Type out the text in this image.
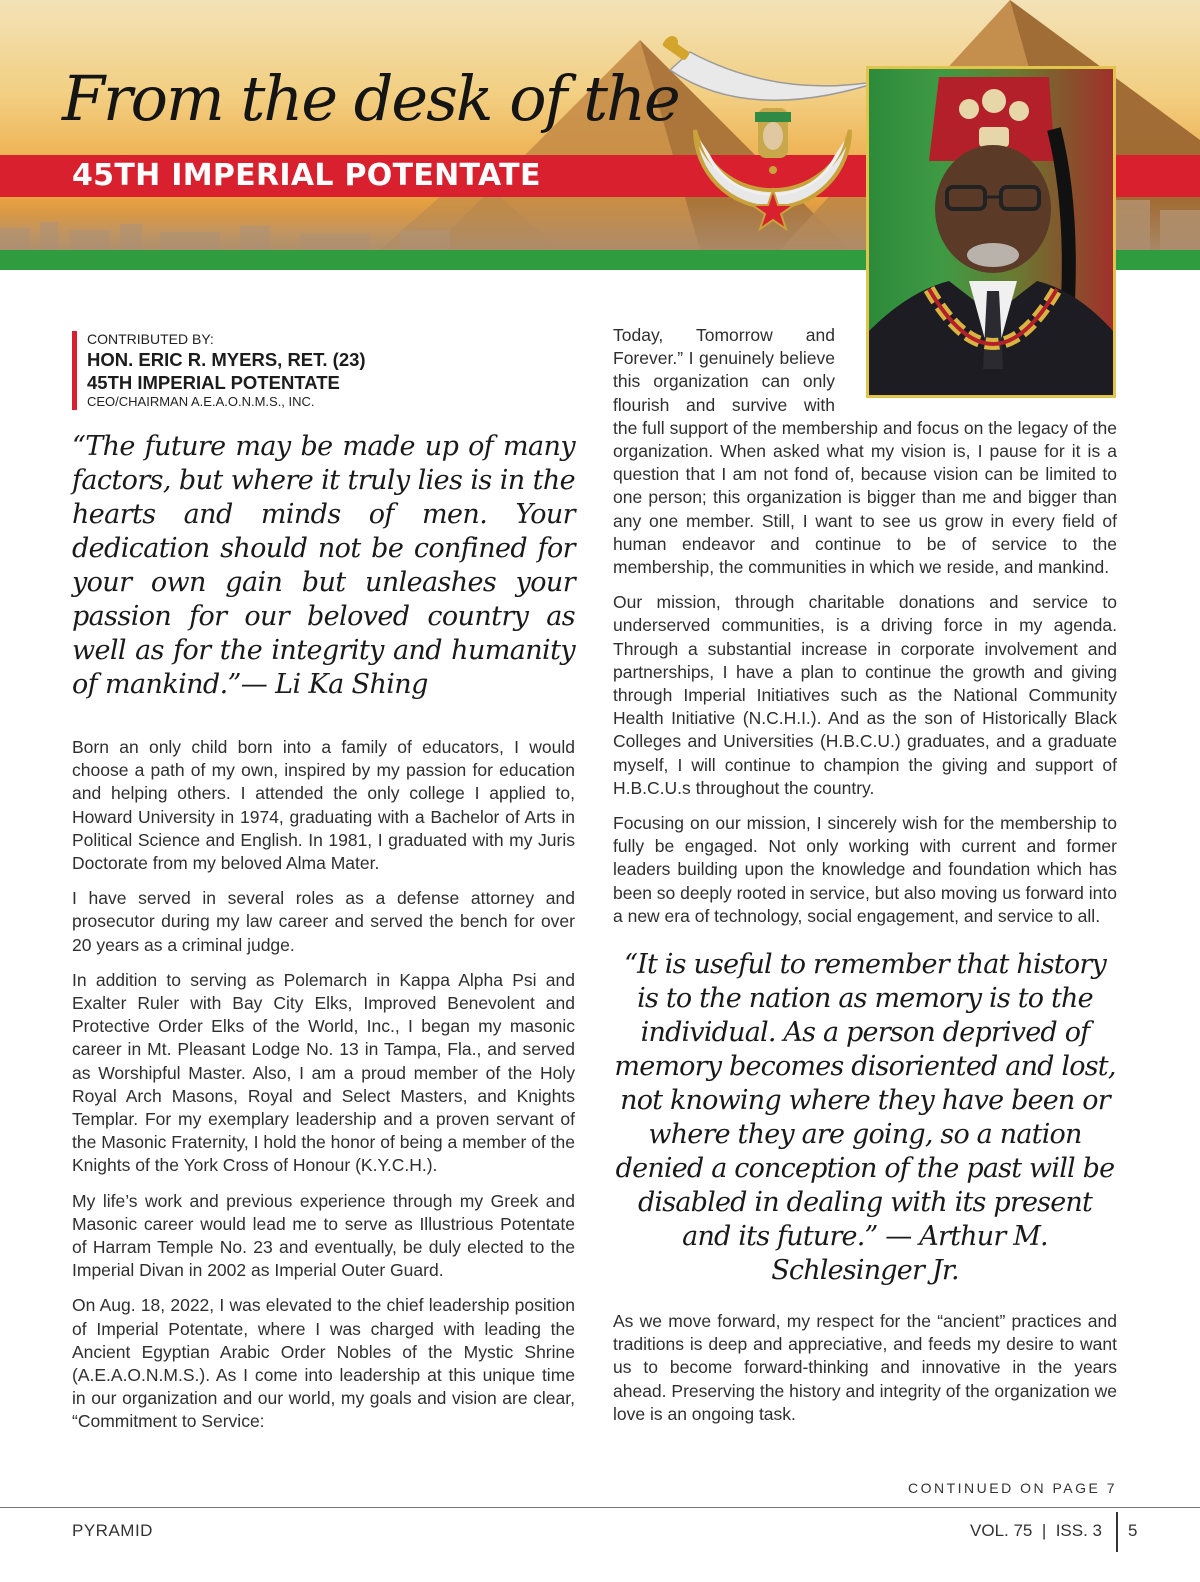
From the desk of the
45TH IMPERIAL POTENTATE
CONTRIBUTED BY:
HON. ERIC R. MYERS, RET. (23)
45TH IMPERIAL POTENTATE
CEO/CHAIRMAN A.E.A.O.N.M.S., INC.
“The future may be made up of many factors, but where it truly lies is in the hearts and minds of men. Your dedication should not be confined for your own gain but unleashes your passion for our beloved country as well as for the integrity and humanity of mankind.”— Li Ka Shing

Born an only child born into a family of educators, I would choose a path of my own, inspired by my passion for education and helping others. I attended the only college I applied to, Howard University in 1974, graduating with a Bachelor of Arts in Political Science and English. In 1981, I graduated with my Juris Doctorate from my beloved Alma Mater.

I have served in several roles as a defense attorney and prosecutor during my law career and served the bench for over 20 years as a criminal judge.

In addition to serving as Polemarch in Kappa Alpha Psi and Exalter Ruler with Bay City Elks, Improved Benevolent and Protective Order Elks of the World, Inc., I began my masonic career in Mt. Pleasant Lodge No. 13 in Tampa, Fla., and served as Worshipful Master. Also, I am a proud member of the Holy Royal Arch Masons, Royal and Select Masters, and Knights Templar. For my exemplary leadership and a proven servant of the Masonic Fraternity, I hold the honor of being a member of the Knights of the York Cross of Honour (K.Y.C.H.).

My life’s work and previous experience through my Greek and Masonic career would lead me to serve as Illustrious Potentate of Harram Temple No. 23 and eventually, be duly elected to the Imperial Divan in 2002 as Imperial Outer Guard.

On Aug. 18, 2022, I was elevated to the chief leadership position of Imperial Potentate, where I was charged with leading the Ancient Egyptian Arabic Order Nobles of the Mystic Shrine (A.E.A.O.N.M.S.). As I come into leadership at this unique time in our organization and our world, my goals and vision are clear, “Commitment to Service:

Today, Tomorrow and
Forever.” I genuinely believe
this organization can only
flourish and survive with

the full support of the membership and focus on the legacy of the organization. When asked what my vision is, I pause for it is a question that I am not fond of, because vision can be limited to one person; this organization is bigger than me and bigger than any one member. Still, I want to see us grow in every field of human endeavor and continue to be of service to the membership, the communities in which we reside, and mankind.

Our mission, through charitable donations and service to underserved communities, is a driving force in my agenda. Through a substantial increase in corporate involvement and partnerships, I have a plan to continue the growth and giving through Imperial Initiatives such as the National Community Health Initiative (N.C.H.I.). And as the son of Historically Black Colleges and Universities (H.B.C.U.) graduates, and a graduate myself, I will continue to champion the giving and support of H.B.C.U.s throughout the country.

Focusing on our mission, I sincerely wish for the membership to fully be engaged. Not only working with current and former leaders building upon the knowledge and foundation which has been so deeply rooted in service, but also moving us forward into a new era of technology, social engagement, and service to all.

“It is useful to remember that history is to the nation as memory is to the individual. As a person deprived of memory becomes disoriented and lost, not knowing where they have been or where they are going, so a nation denied a conception of the past will be disabled in dealing with its present and its future.” — Arthur M. Schlesinger Jr.

As we move forward, my respect for the “ancient” practices and traditions is deep and appreciative, and feeds my desire to want us to become forward-thinking and innovative in the years ahead. Preserving the history and integrity of the organization we love is an ongoing task.

CONTINUED ON PAGE 7
PYRAMID	VOL. 75  |  ISS. 3 5
